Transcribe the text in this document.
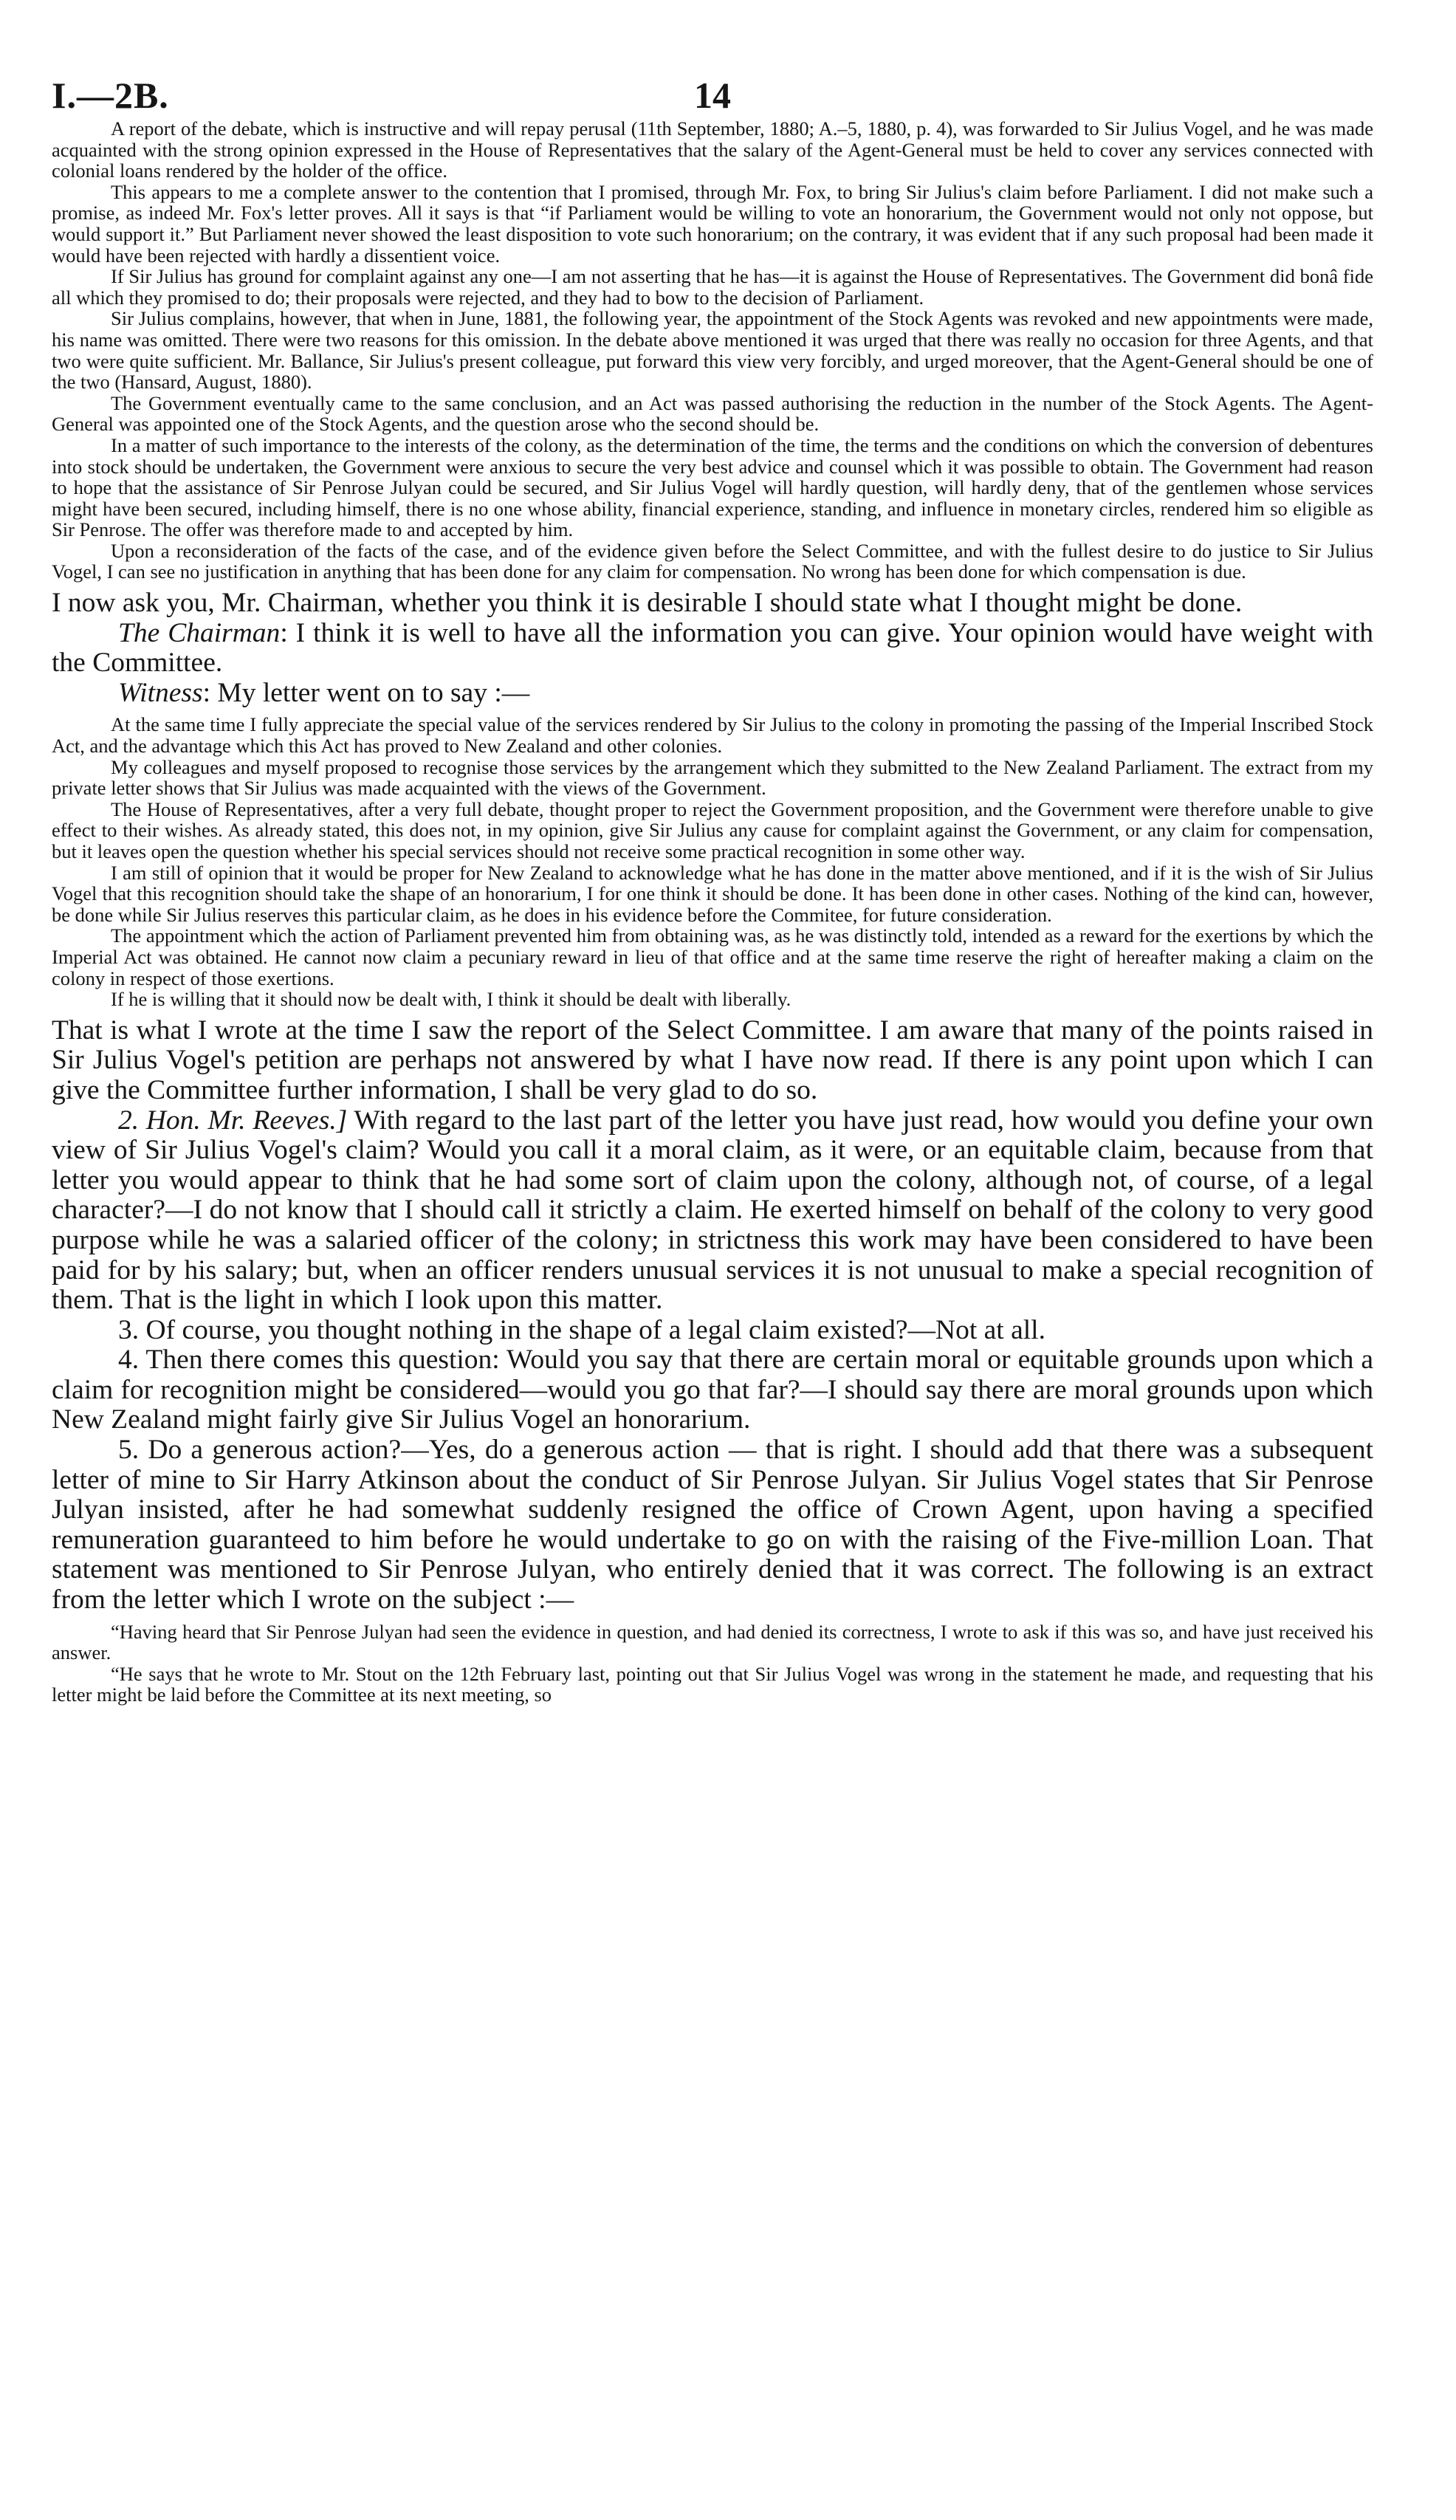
I.—2B.	14

A report of the debate, which is instructive and will repay perusal (11th September, 1880; A.–5, 1880, p. 4), was forwarded to Sir Julius Vogel, and he was made acquainted with the strong opinion expressed in the House of Representatives that the salary of the Agent-General must be held to cover any services connected with colonial loans rendered by the holder of the office.

This appears to me a complete answer to the contention that I promised, through Mr. Fox, to bring Sir Julius's claim before Parliament. I did not make such a promise, as indeed Mr. Fox's letter proves. All it says is that “if Parliament would be willing to vote an honorarium, the Government would not only not oppose, but would support it.” But Parliament never showed the least disposition to vote such honorarium; on the contrary, it was evident that if any such proposal had been made it would have been rejected with hardly a dissentient voice.

If Sir Julius has ground for complaint against any one—I am not asserting that he has—it is against the House of Representatives. The Government did bonâ fide all which they promised to do; their proposals were rejected, and they had to bow to the decision of Parliament.

Sir Julius complains, however, that when in June, 1881, the following year, the appointment of the Stock Agents was revoked and new appointments were made, his name was omitted. There were two reasons for this omission. In the debate above mentioned it was urged that there was really no occasion for three Agents, and that two were quite sufficient. Mr. Ballance, Sir Julius's present colleague, put forward this view very forcibly, and urged moreover, that the Agent-General should be one of the two (Hansard, August, 1880).

The Government eventually came to the same conclusion, and an Act was passed authorising the reduction in the number of the Stock Agents. The Agent-General was appointed one of the Stock Agents, and the question arose who the second should be.

In a matter of such importance to the interests of the colony, as the determination of the time, the terms and the conditions on which the conversion of debentures into stock should be undertaken, the Government were anxious to secure the very best advice and counsel which it was possible to obtain. The Government had reason to hope that the assistance of Sir Penrose Julyan could be secured, and Sir Julius Vogel will hardly question, will hardly deny, that of the gentlemen whose services might have been secured, including himself, there is no one whose ability, financial experience, standing, and influence in monetary circles, rendered him so eligible as Sir Penrose. The offer was therefore made to and accepted by him.

Upon a reconsideration of the facts of the case, and of the evidence given before the Select Committee, and with the fullest desire to do justice to Sir Julius Vogel, I can see no justification in anything that has been done for any claim for compensation. No wrong has been done for which compensation is due.

I now ask you, Mr. Chairman, whether you think it is desirable I should state what I thought might be done.

The Chairman: I think it is well to have all the information you can give. Your opinion would have weight with the Committee.

Witness: My letter went on to say :—

At the same time I fully appreciate the special value of the services rendered by Sir Julius to the colony in promoting the passing of the Imperial Inscribed Stock Act, and the advantage which this Act has proved to New Zealand and other colonies.

My colleagues and myself proposed to recognise those services by the arrangement which they submitted to the New Zealand Parliament. The extract from my private letter shows that Sir Julius was made acquainted with the views of the Government.

The House of Representatives, after a very full debate, thought proper to reject the Government proposition, and the Government were therefore unable to give effect to their wishes. As already stated, this does not, in my opinion, give Sir Julius any cause for complaint against the Government, or any claim for compensation, but it leaves open the question whether his special services should not receive some practical recognition in some other way.

I am still of opinion that it would be proper for New Zealand to acknowledge what he has done in the matter above mentioned, and if it is the wish of Sir Julius Vogel that this recognition should take the shape of an honorarium, I for one think it should be done. It has been done in other cases. Nothing of the kind can, however, be done while Sir Julius reserves this particular claim, as he does in his evidence before the Commitee, for future consideration.

The appointment which the action of Parliament prevented him from obtaining was, as he was distinctly told, intended as a reward for the exertions by which the Imperial Act was obtained. He cannot now claim a pecuniary reward in lieu of that office and at the same time reserve the right of hereafter making a claim on the colony in respect of those exertions.

If he is willing that it should now be dealt with, I think it should be dealt with liberally.

That is what I wrote at the time I saw the report of the Select Committee. I am aware that many of the points raised in Sir Julius Vogel's petition are perhaps not answered by what I have now read. If there is any point upon which I can give the Committee further information, I shall be very glad to do so.

2. Hon. Mr. Reeves.] With regard to the last part of the letter you have just read, how would you define your own view of Sir Julius Vogel's claim? Would you call it a moral claim, as it were, or an equitable claim, because from that letter you would appear to think that he had some sort of claim upon the colony, although not, of course, of a legal character?—I do not know that I should call it strictly a claim. He exerted himself on behalf of the colony to very good purpose while he was a salaried officer of the colony; in strictness this work may have been considered to have been paid for by his salary; but, when an officer renders unusual services it is not unusual to make a special recognition of them. That is the light in which I look upon this matter.

3. Of course, you thought nothing in the shape of a legal claim existed?—Not at all.

4. Then there comes this question: Would you say that there are certain moral or equitable grounds upon which a claim for recognition might be considered—would you go that far?—I should say there are moral grounds upon which New Zealand might fairly give Sir Julius Vogel an honorarium.

5. Do a generous action?—Yes, do a generous action — that is right. I should add that there was a subsequent letter of mine to Sir Harry Atkinson about the conduct of Sir Penrose Julyan. Sir Julius Vogel states that Sir Penrose Julyan insisted, after he had somewhat suddenly resigned the office of Crown Agent, upon having a specified remuneration guaranteed to him before he would undertake to go on with the raising of the Five-million Loan. That statement was mentioned to Sir Penrose Julyan, who entirely denied that it was correct. The following is an extract from the letter which I wrote on the subject :—

“Having heard that Sir Penrose Julyan had seen the evidence in question, and had denied its correctness, I wrote to ask if this was so, and have just received his answer.

“He says that he wrote to Mr. Stout on the 12th February last, pointing out that Sir Julius Vogel was wrong in the statement he made, and requesting that his letter might be laid before the Committee at its next meeting, so
